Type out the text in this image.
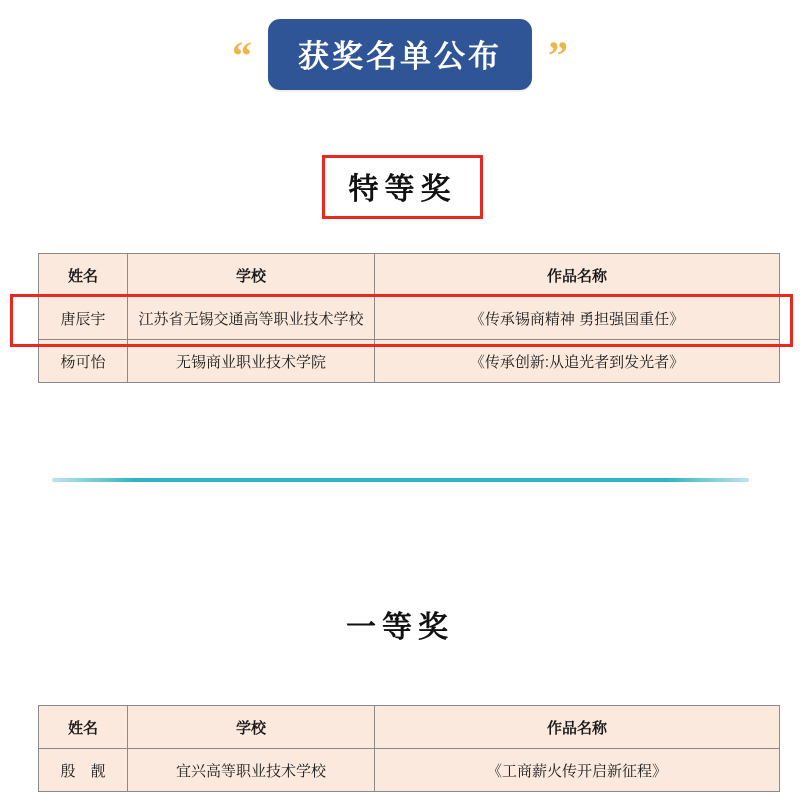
“	获奖名单公布	”
特等奖
姓名	学校	作品名称
唐辰宇	江苏省无锡交通高等职业技术学校	《传承锡商精神 勇担强国重任》
杨可怡	无锡商业职业技术学院	《传承创新:从追光者到发光者》
一等奖
姓名	学校	作品名称
殷　靓	宜兴高等职业技术学校	《工商薪火传开启新征程》
